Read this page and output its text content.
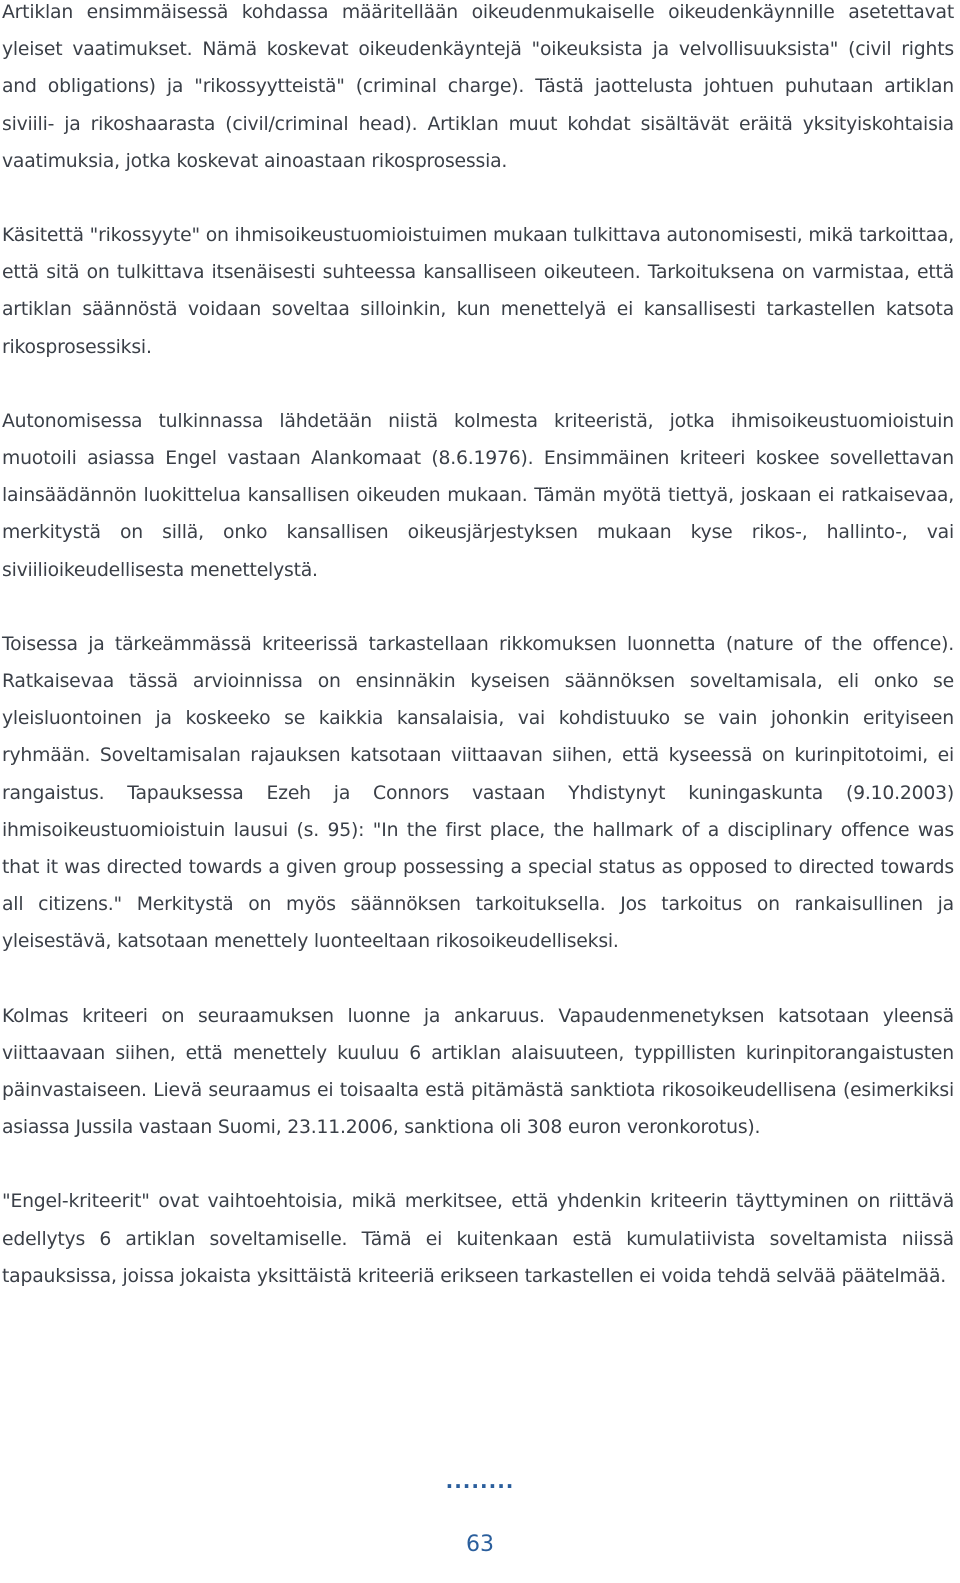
Artiklan ensimmäisessä kohdassa määritellään oikeudenmukaiselle oikeudenkäynnille asetettavat yleiset vaatimukset. Nämä koskevat oikeudenkäyntejä "oikeuksista ja velvollisuuksista" (civil rights and obligations) ja "rikossyytteistä" (criminal charge). Tästä jaottelusta johtuen puhutaan artiklan siviili- ja rikoshaarasta (civil/criminal head). Artiklan muut kohdat sisältävät eräitä yksityiskohtaisia vaatimuksia, jotka koskevat ainoastaan rikosprosessia.

Käsitettä "rikossyyte" on ihmisoikeustuomioistuimen mukaan tulkittava autonomisesti, mikä tarkoittaa, että sitä on tulkittava itsenäisesti suhteessa kansalliseen oikeuteen. Tarkoituksena on varmistaa, että artiklan säännöstä voidaan soveltaa silloinkin, kun menettelyä ei kansallisesti tarkastellen katsota rikosprosessiksi.

Autonomisessa tulkinnassa lähdetään niistä kolmesta kriteeristä, jotka ihmisoikeustuomioistuin muotoili asiassa Engel vastaan Alankomaat (8.6.1976). Ensimmäinen kriteeri koskee sovellettavan lainsäädännön luokittelua kansallisen oikeuden mukaan. Tämän myötä tiettyä, joskaan ei ratkaisevaa, merkitystä on sillä, onko kansallisen oikeusjärjestyksen mukaan kyse rikos-, hallinto-, vai siviilioikeudellisesta menettelystä.

Toisessa ja tärkeämmässä kriteerissä tarkastellaan rikkomuksen luonnetta (nature of the offence). Ratkaisevaa tässä arvioinnissa on ensinnäkin kyseisen säännöksen soveltamisala, eli onko se yleisluontoinen ja koskeeko se kaikkia kansalaisia, vai kohdistuuko se vain johonkin erityiseen ryhmään. Soveltamisalan rajauksen katsotaan viittaavan siihen, että kyseessä on kurinpitotoimi, ei rangaistus. Tapauksessa Ezeh ja Connors vastaan Yhdistynyt kuningaskunta (9.10.2003) ihmisoikeustuomioistuin lausui (s. 95): "In the first place, the hallmark of a disciplinary offence was that it was directed towards a given group possessing a special status as opposed to directed towards all citizens." Merkitystä on myös säännöksen tarkoituksella. Jos tarkoitus on rankaisullinen ja yleisestävä, katsotaan menettely luonteeltaan rikosoikeudelliseksi.

Kolmas kriteeri on seuraamuksen luonne ja ankaruus. Vapaudenmenetyksen katsotaan yleensä viittaavaan siihen, että menettely kuuluu 6 artiklan alaisuuteen, typpillisten kurinpitorangaistusten päinvastaiseen. Lievä seuraamus ei toisaalta estä pitämästä sanktiota rikosoikeudellisena (esimerkiksi asiassa Jussila vastaan Suomi, 23.11.2006, sanktiona oli 308 euron veronkorotus).

"Engel-kriteerit" ovat vaihtoehtoisia, mikä merkitsee, että yhdenkin kriteerin täyttyminen on riittävä edellytys 6 artiklan soveltamiselle. Tämä ei kuitenkaan estä kumulatiivista soveltamista niissä tapauksissa, joissa jokaista yksittäistä kriteeriä erikseen tarkastellen ei voida tehdä selvää päätelmää.

........
63
